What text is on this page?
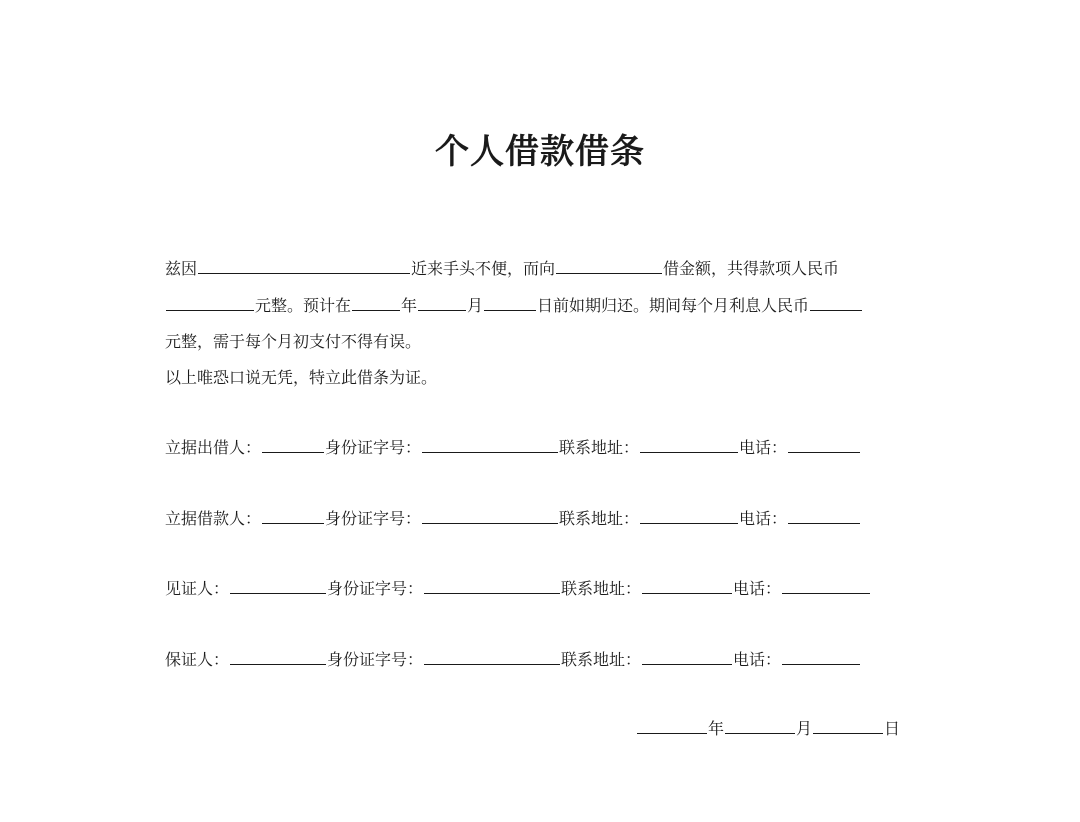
个人借款借条
兹因	近来手头不便，而向	借金额，共得款项人民币
元整。预计在	年	月	日前如期归还。期间每个月利息人民币
元整，需于每个月初支付不得有误。
以上唯恐口说无凭，特立此借条为证。
立据出借人：	身份证字号：	联系地址：	电话：
立据借款人：	身份证字号：	联系地址：	电话：
见证人：	身份证字号：	联系地址：	电话：
保证人：	身份证字号：	联系地址：	电话：
年	月	日
